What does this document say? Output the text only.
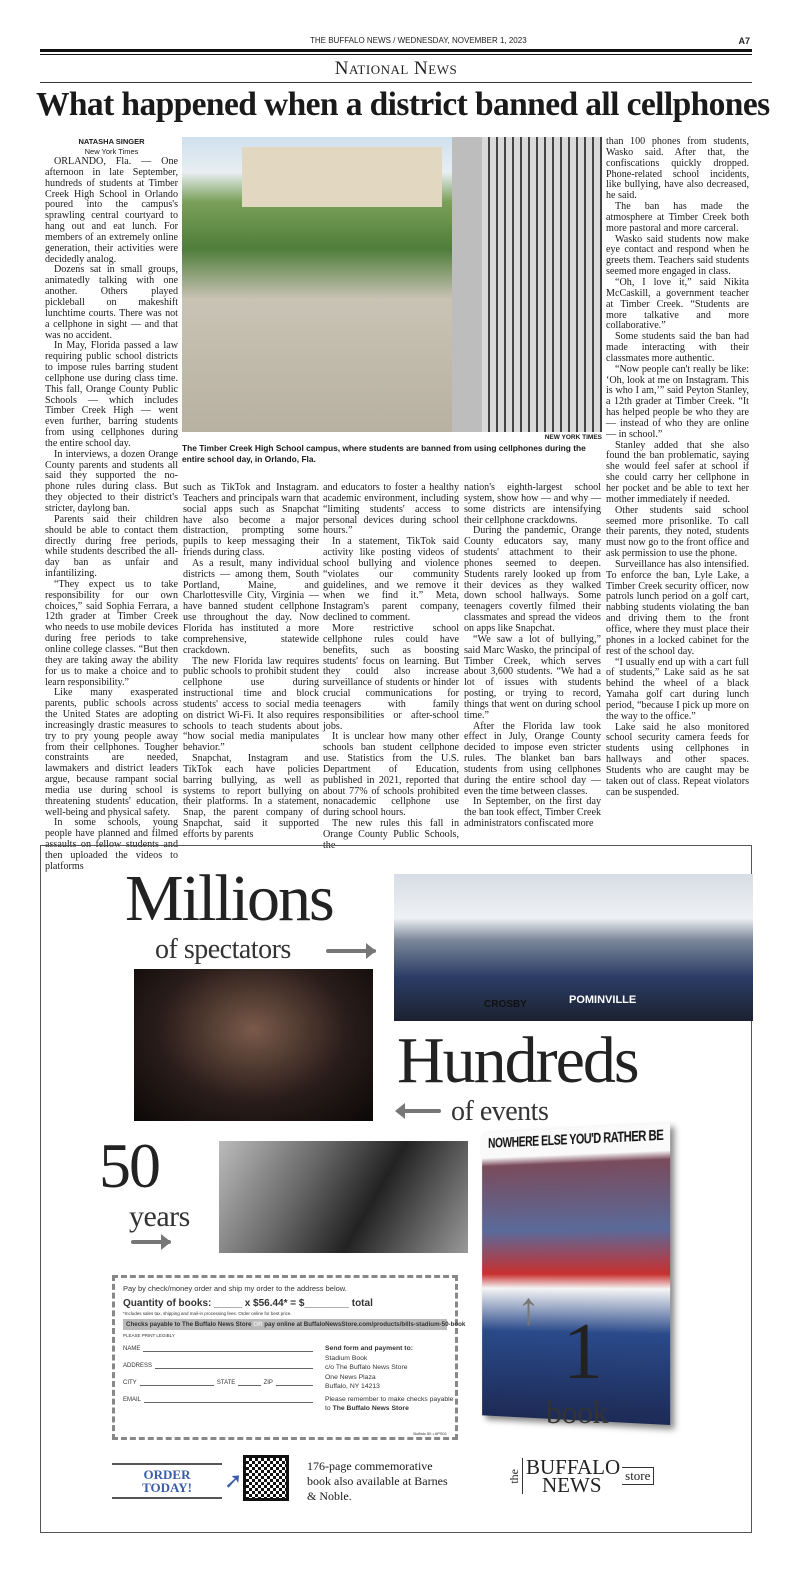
THE BUFFALO NEWS / WEDNESDAY, NOVEMBER 1, 2023	A7
National News
What happened when a district banned all cellphones
NATASHA SINGER
New York Times

ORLANDO, Fla. — One afternoon in late September, hundreds of students at Timber Creek High School in Orlando poured into the campus's sprawling central courtyard to hang out and eat lunch. For members of an extremely online generation, their activities were decidedly analog.

Dozens sat in small groups, animatedly talking with one another. Others played pickleball on makeshift lunchtime courts. There was not a cellphone in sight — and that was no accident.

In May, Florida passed a law requiring public school districts to impose rules barring student cellphone use during class time. This fall, Orange County Public Schools — which includes Timber Creek High — went even further, barring students from using cellphones during the entire school day.

In interviews, a dozen Orange County parents and students all said they supported the no-phone rules during class. But they objected to their district's stricter, daylong ban.

Parents said their children should be able to contact them directly during free periods, while students described the all-day ban as unfair and infantilizing.

“They expect us to take responsibility for our own choices,” said Sophia Ferrara, a 12th grader at Timber Creek who needs to use mobile devices during free periods to take online college classes. “But then they are taking away the ability for us to make a choice and to learn responsibility.”

Like many exasperated parents, public schools across the United States are adopting increasingly drastic measures to try to pry young people away from their cellphones. Tougher constraints are needed, lawmakers and district leaders argue, because rampant social media use during school is threatening students' education, well-being and physical safety.

In some schools, young people have planned and filmed assaults on fellow students and then uploaded the videos to platforms

NEW YORK TIMES
The Timber Creek High School campus, where students are banned from using cellphones during the entire school day, in Orlando, Fla.

such as TikTok and Instagram. Teachers and principals warn that social apps such as Snapchat have also become a major distraction, prompting some pupils to keep messaging their friends during class.

As a result, many individual districts — among them, South Portland, Maine, and Charlottesville City, Virginia — have banned student cellphone use throughout the day. Now Florida has instituted a more comprehensive, statewide crackdown.

The new Florida law requires public schools to prohibit student cellphone use during instructional time and block students' access to social media on district Wi-Fi. It also requires schools to teach students about “how social media manipulates behavior.”

Snapchat, Instagram and TikTok each have policies barring bullying, as well as systems to report bullying on their platforms. In a statement, Snap, the parent company of Snapchat, said it supported efforts by parents

and educators to foster a healthy academic environment, including “limiting students' access to personal devices during school hours.”

In a statement, TikTok said activity like posting videos of school bullying and violence “violates our community guidelines, and we remove it when we find it.” Meta, Instagram's parent company, declined to comment.

More restrictive school cellphone rules could have benefits, such as boosting students' focus on learning. But they could also increase surveillance of students or hinder crucial communications for teenagers with family responsibilities or after-school jobs.

It is unclear how many other schools ban student cellphone use. Statistics from the U.S. Department of Education, published in 2021, reported that about 77% of schools prohibited nonacademic cellphone use during school hours.

The new rules this fall in Orange County Public Schools, the

nation's eighth-largest school system, show how — and why — some districts are intensifying their cellphone crackdowns.

During the pandemic, Orange County educators say, many students' attachment to their phones seemed to deepen. Students rarely looked up from their devices as they walked down school hallways. Some teenagers covertly filmed their classmates and spread the videos on apps like Snapchat.

“We saw a lot of bullying,” said Marc Wasko, the principal of Timber Creek, which serves about 3,600 students. “We had a lot of issues with students posting, or trying to record, things that went on during school time.”

After the Florida law took effect in July, Orange County decided to impose even stricter rules. The blanket ban bars students from using cellphones during the entire school day — even the time between classes.

In September, on the first day the ban took effect, Timber Creek administrators confiscated more

than 100 phones from students, Wasko said. After that, the confiscations quickly dropped. Phone-related school incidents, like bullying, have also decreased, he said.

The ban has made the atmosphere at Timber Creek both more pastoral and more carceral.

Wasko said students now make eye contact and respond when he greets them. Teachers said students seemed more engaged in class.

“Oh, I love it,” said Nikita McCaskill, a government teacher at Timber Creek. “Students are more talkative and more collaborative.”

Some students said the ban had made interacting with their classmates more authentic.

“Now people can't really be like: ‘Oh, look at me on Instagram. This is who I am,’” said Peyton Stanley, a 12th grader at Timber Creek. “It has helped people be who they are — instead of who they are online — in school.”

Stanley added that she also found the ban problematic, saying she would feel safer at school if she could carry her cellphone in her pocket and be able to text her mother immediately if needed.

Other students said school seemed more prisonlike. To call their parents, they noted, students must now go to the front office and ask permission to use the phone.

Surveillance has also intensified. To enforce the ban, Lyle Lake, a Timber Creek security officer, now patrols lunch period on a golf cart, nabbing students violating the ban and driving them to the front office, where they must place their phones in a locked cabinet for the rest of the school day.

“I usually end up with a cart full of students,” Lake said as he sat behind the wheel of a black Yamaha golf cart during lunch period, “because I pick up more on the way to the office.”

Lake said he also monitored school security camera feeds for students using cellphones in hallways and other spaces. Students who are caught may be taken out of class. Repeat violators can be suspended.

Millions
of spectators
POMINVILLE
CROSBY
Hundreds
of events
50
years
NOWHERE ELSE YOU'D RATHER BE
↑ 1
book
Pay by check/money order and ship my order to the address below.
Quantity of books: _____ x $56.44* = $________ total
*Includes sales tax, shipping and mail-in processing fees. Order online for best price.
Checks payable to The Buffalo News Store OR pay online at BuffaloNewsStore.com/products/bills-stadium-50-book
PLEASE PRINT LEGIBLY
NAME
ADDRESS
CITY	STATE	ZIP
EMAIL
Send form and payment to:
Stadium Book
c/o The Buffalo News Store
One News Plaza
Buffalo, NY 14213
Please remember to make checks payable to The Buffalo News Store
Buffalo 50 • #PS01
ORDER
TODAY!	➚
176-page commemorative book also available at Barnes & Noble.
the BUFFALO
NEWS	store
